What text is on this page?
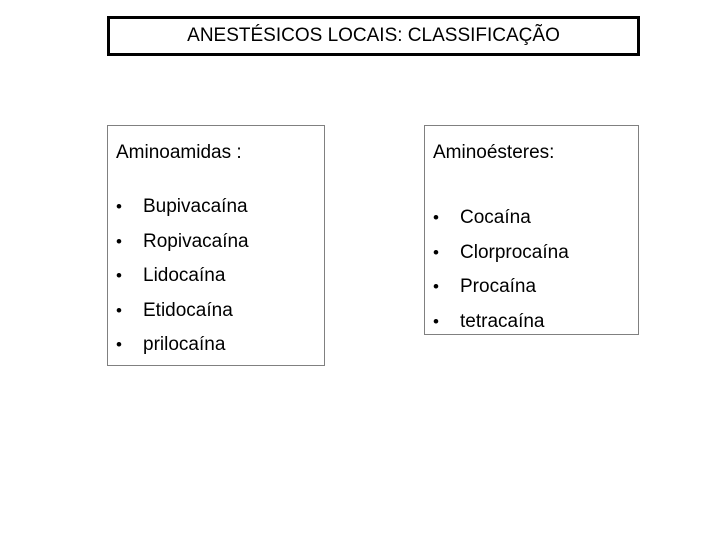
ANESTÉSICOS LOCAIS: CLASSIFICAÇÃO
Aminoamidas :
•	Bupivacaína
•	Ropivacaína
•	Lidocaína
•	Etidocaína
•	prilocaína
Aminoésteres:
•	Cocaína
•	Clorprocaína
•	Procaína
•	tetracaína
